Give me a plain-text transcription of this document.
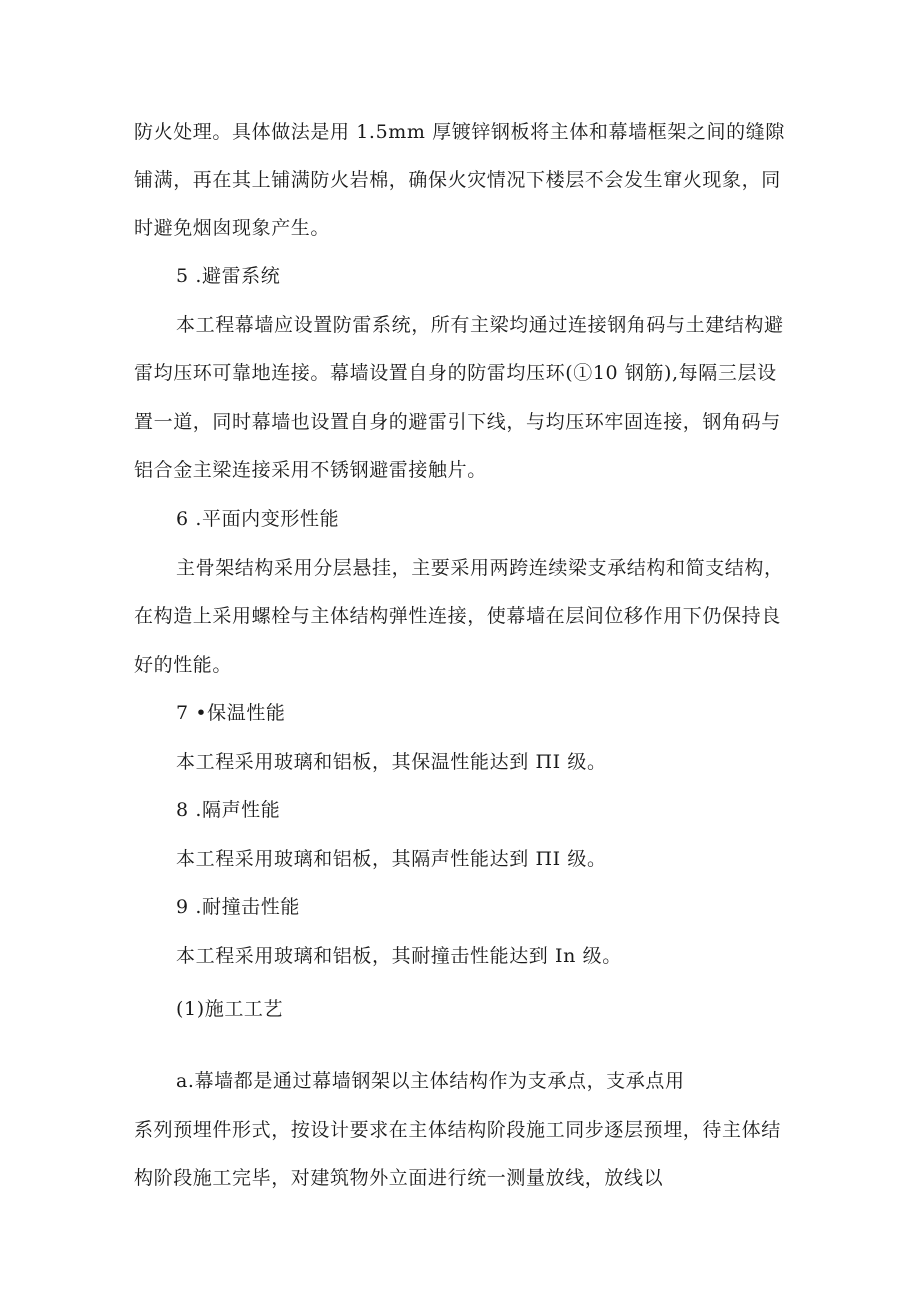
防火处理。具体做法是用 1.5mm 厚镀锌钢板将主体和幕墙框架之间的缝隙
铺满，再在其上铺满防火岩棉，确保火灾情况下楼层不会发生窜火现象，同
时避免烟囱现象产生。
5 .避雷系统
本工程幕墙应设置防雷系统，所有主梁均通过连接钢角码与土建结构避
雷均压环可靠地连接。幕墙设置自身的防雷均压环(①10 钢筋),每隔三层设
置一道，同时幕墙也设置自身的避雷引下线，与均压环牢固连接，钢角码与
铝合金主梁连接采用不锈钢避雷接触片。
6 .平面内变形性能
主骨架结构采用分层悬挂，主要采用两跨连续梁支承结构和简支结构，
在构造上采用螺栓与主体结构弹性连接，使幕墙在层间位移作用下仍保持良
好的性能。
7 •保温性能
本工程采用玻璃和铝板，其保温性能达到 ΠI 级。
8 .隔声性能
本工程采用玻璃和铝板，其隔声性能达到 ΠI 级。
9 .耐撞击性能
本工程采用玻璃和铝板，其耐撞击性能达到 In 级。
(1)施工工艺
a.幕墙都是通过幕墙钢架以主体结构作为支承点，支承点用
系列预埋件形式，按设计要求在主体结构阶段施工同步逐层预埋，待主体结
构阶段施工完毕，对建筑物外立面进行统一测量放线，放线以
